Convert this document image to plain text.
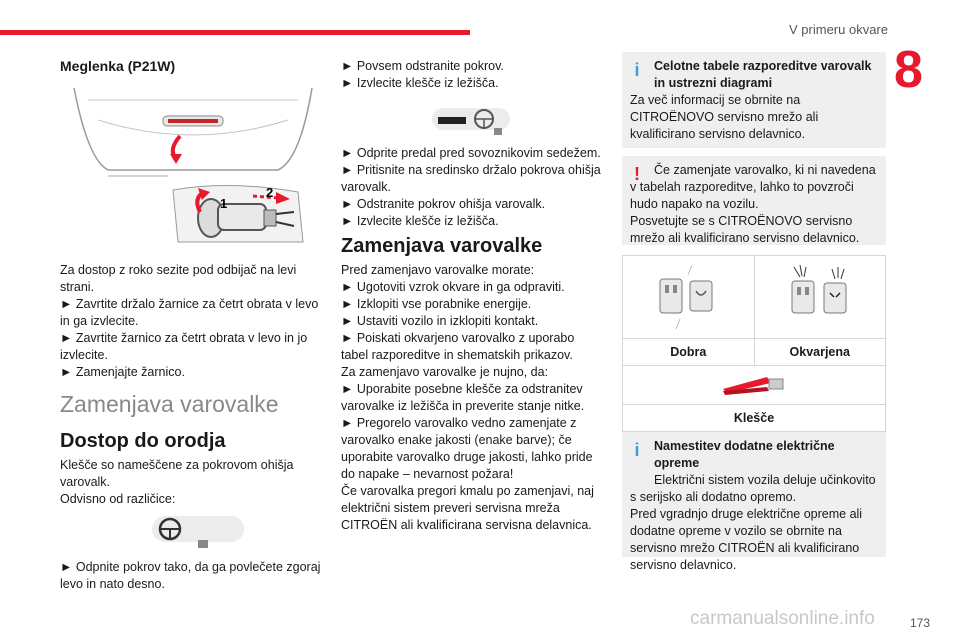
V primeru okvare
8
Meglenka (P21W)
1
2

Za dostop z roko sezite pod odbijač na levi strani.

► Zavrtite držalo žarnice za četrt obrata v levo in ga izvlecite.

► Zavrtite žarnico za četrt obrata v levo in jo izvlecite.

► Zamenjajte žarnico.

Zamenjava varovalke
Dostop do orodja

Klešče so nameščene za pokrovom ohišja varovalk.

Odvisno od različice:

► Odpnite pokrov tako, da ga povlečete zgoraj levo in nato desno.

► Povsem odstranite pokrov.

► Izvlecite klešče iz ležišča.

► Odprite predal pred sovoznikovim sedežem.

► Pritisnite na sredinsko držalo pokrova ohišja varovalk.

► Odstranite pokrov ohišja varovalk.

► Izvlecite klešče iz ležišča.

Zamenjava varovalke

Pred zamenjavo varovalke morate:

► Ugotoviti vzrok okvare in ga odpraviti.

► Izklopiti vse porabnike energije.

► Ustaviti vozilo in izklopiti kontakt.

► Poiskati okvarjeno varovalko z uporabo tabel razporeditve in shematskih prikazov.

Za zamenjavo varovalke je nujno, da:

► Uporabite posebne klešče za odstranitev varovalke iz ležišča in preverite stanje nitke.

► Pregorelo varovalko vedno zamenjate z varovalko enake jakosti (enake barve); če uporabite varovalko druge jakosti, lahko pride do napake – nevarnost požara!

Če varovalka pregori kmalu po zamenjavi, naj električni sistem preveri servisna mreža CITROËN ali kvalificirana servisna delavnica.

i	Celotne tabele razporeditve varovalk in ustrezni diagrami

Za več informacij se obrnite na CITROËNOVO servisno mrežo ali kvalificirano servisno delavnico.

!	Če zamenjate varovalko, ki ni navedena v tabelah razporeditve, lahko to povzroči hudo napako na vozilu.

Posvetujte se s CITROËNOVO servisno mrežo ali kvalificirano servisno delavnico.

Dobra	Okvarjena

Klešče	
i	Namestitev dodatne električne opreme

Električni sistem vozila deluje učinkovito s serijsko ali dodatno opremo.

Pred vgradnjo druge električne opreme ali dodatne opreme v vozilo se obrnite na servisno mrežo CITROËN ali kvalificirano servisno delavnico.

carmanualsonline.info	173
